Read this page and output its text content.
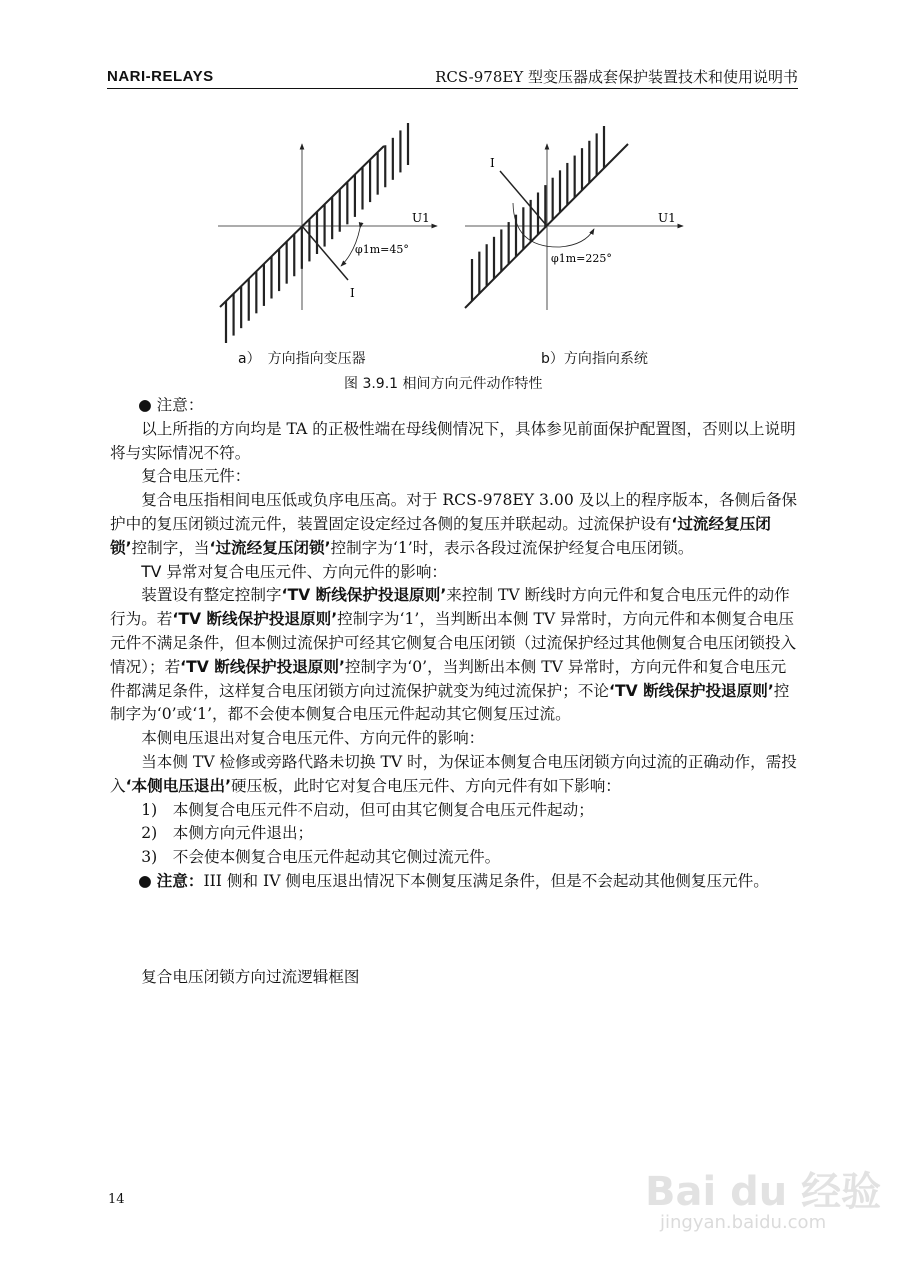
NARI-RELAYS	RCS-978EY 型变压器成套保护装置技术和使用说明书
U1
I
φ1m=45°
U1
I
φ1m=225°
a）　方向指向变压器	b）方向指向系统
图 3.9.1 相间方向元件动作特性

● 注意：

以上所指的方向均是 TA 的正极性端在母线侧情况下，具体参见前面保护配置图，否则以上说明将与实际情况不符。

复合电压元件：

复合电压指相间电压低或负序电压高。对于 RCS-978EY 3.00 及以上的程序版本，各侧后备保护中的复压闭锁过流元件，装置固定设定经过各侧的复压并联起动。过流保护设有‘过流经复压闭锁’控制字，当‘过流经复压闭锁’控制字为‘1’时，表示各段过流保护经复合电压闭锁。

TV 异常对复合电压元件、方向元件的影响：

装置设有整定控制字‘TV 断线保护投退原则’来控制 TV 断线时方向元件和复合电压元件的动作行为。若‘TV 断线保护投退原则’控制字为‘1’，当判断出本侧 TV 异常时，方向元件和本侧复合电压元件不满足条件，但本侧过流保护可经其它侧复合电压闭锁（过流保护经过其他侧复合电压闭锁投入情况）；若‘TV 断线保护投退原则’控制字为‘0’，当判断出本侧 TV 异常时，方向元件和复合电压元件都满足条件，这样复合电压闭锁方向过流保护就变为纯过流保护；不论‘TV 断线保护投退原则’控制字为‘0’或‘1’，都不会使本侧复合电压元件起动其它侧复压过流。

本侧电压退出对复合电压元件、方向元件的影响：

当本侧 TV 检修或旁路代路未切换 TV 时，为保证本侧复合电压闭锁方向过流的正确动作，需投入‘本侧电压退出’硬压板，此时它对复合电压元件、方向元件有如下影响：

1)　本侧复合电压元件不启动，但可由其它侧复合电压元件起动；

2)　本侧方向元件退出；

3)　不会使本侧复合电压元件起动其它侧过流元件。

● 注意：III 侧和 IV 侧电压退出情况下本侧复压满足条件，但是不会起动其他侧复压元件。

复合电压闭锁方向过流逻辑框图

14	Bai du 经验
jingyan.baidu.com
